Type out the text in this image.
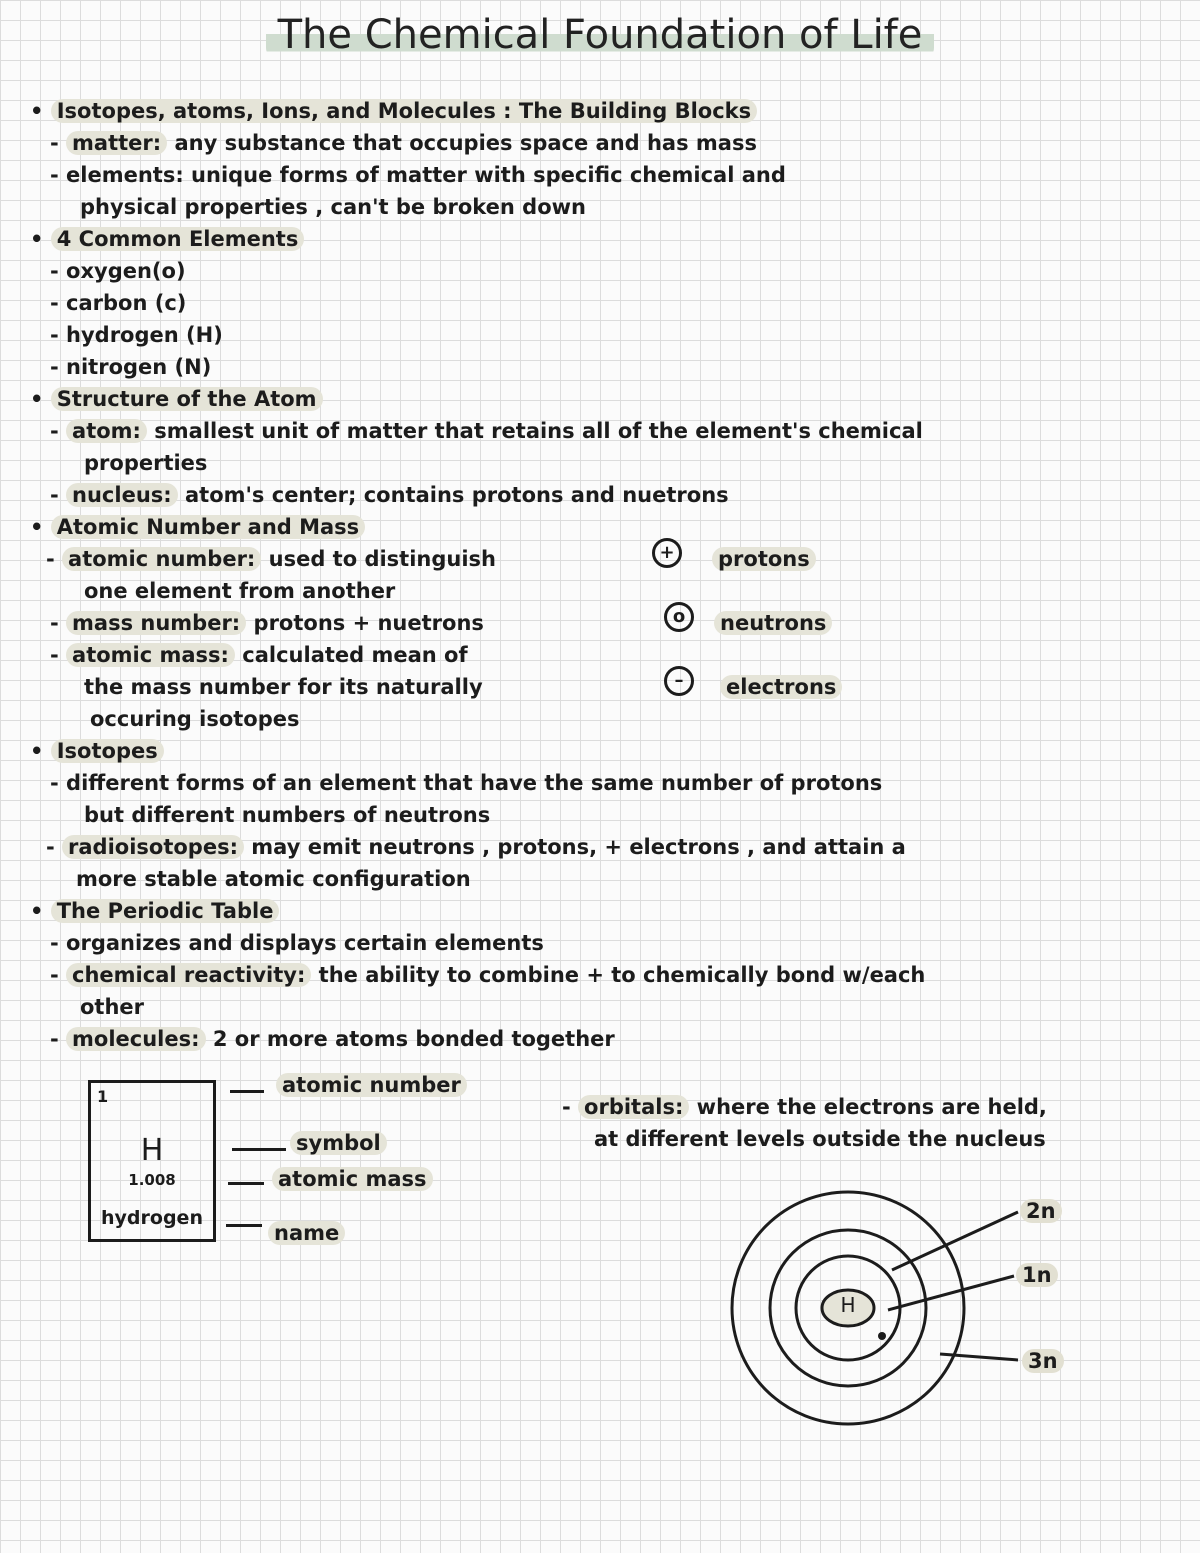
The Chemical Foundation of Life
• Isotopes, atoms, Ions, and Molecules : The Building Blocks
- matter: any substance that occupies space and has mass
- elements: unique forms of matter with specific chemical and
physical properties , can't be broken down
• 4 Common Elements
- oxygen(o)
- carbon (c)
- hydrogen (H)
- nitrogen (N)
• Structure of the Atom
- atom: smallest unit of matter that retains all of the element's chemical
properties
- nucleus: atom's center; contains protons and nuetrons
• Atomic Number and Mass
- atomic number: used to distinguish
one element from another
- mass number: protons + nuetrons
- atomic mass: calculated mean of
the mass number for its naturally
occuring isotopes
+	protons
o	neutrons
–	electrons
• Isotopes
- different forms of an element that have the same number of protons
but different numbers of neutrons
- radioisotopes: may emit neutrons , protons, + electrons , and attain a
more stable atomic configuration
• The Periodic Table
- organizes and displays certain elements
- chemical reactivity: the ability to combine + to chemically bond w/each
other
- molecules: 2 or more atoms bonded together
1
H
1.008
hydrogen
atomic number
symbol
atomic mass
name
- orbitals: where the electrons are held,
at different levels outside the nucleus
H
2n
1n
3n
